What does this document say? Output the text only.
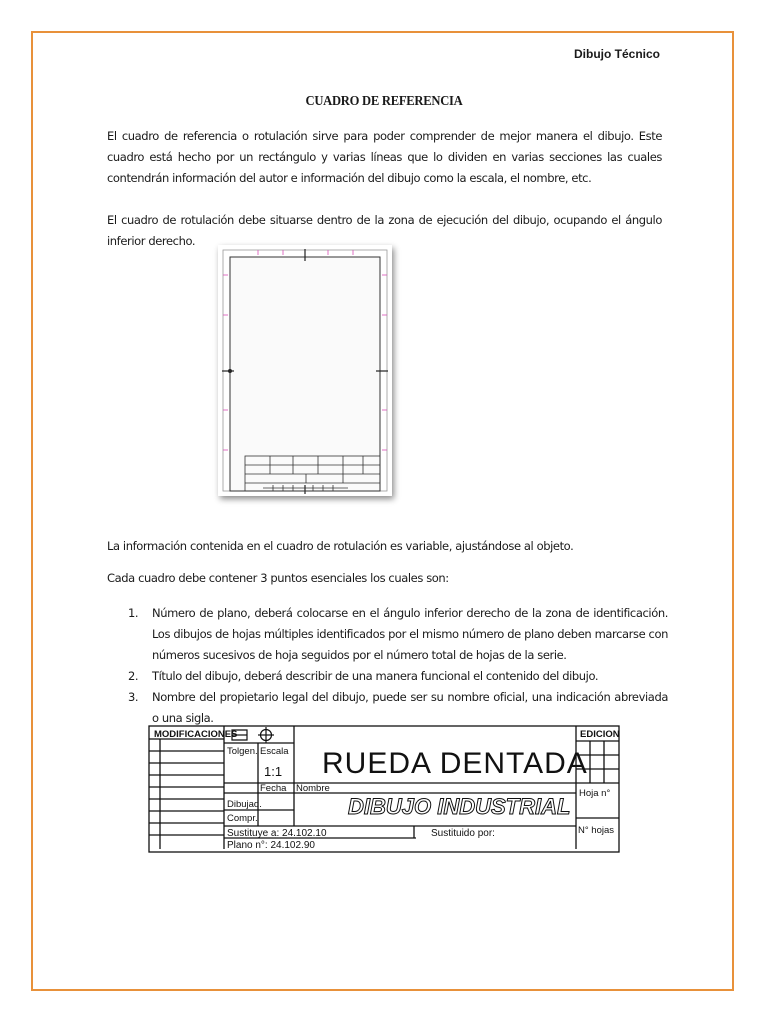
Dibujo Técnico
CUADRO DE REFERENCIA
El cuadro de referencia o rotulación sirve para poder comprender de mejor manera el dibujo. Este cuadro está hecho por un rectángulo y varias líneas que lo dividen en varias secciones las cuales contendrán información del autor e información del dibujo como la escala, el nombre, etc.
El cuadro de rotulación debe situarse dentro de la zona de ejecución del dibujo, ocupando el ángulo inferior derecho.
La información contenida en el cuadro de rotulación es variable, ajustándose al objeto.
Cada cuadro debe contener 3 puntos esenciales los cuales son:
1. Número de plano, deberá colocarse en el ángulo inferior derecho de la zona de identificación. Los dibujos de hojas múltiples identificados por el mismo número de plano deben marcarse con números sucesivos de hoja seguidos por el número total de hojas de la serie.
2. Título del dibujo, deberá describir de una manera funcional el contenido del dibujo.
3. Nombre del propietario legal del dibujo, puede ser su nombre oficial, una indicación abreviada o una sigla.
MODIFICACIONES
Tolgen. Escala
1:1 RUEDA DENTADA
Fecha Nombre
Dibujad.
Compr.	DIBUJO INDUSTRIAL
Sustituye a: 24.102.10	Sustituido por:
Plano n°: 24.102.90
EDICION
Hoja n°
N° hojas
